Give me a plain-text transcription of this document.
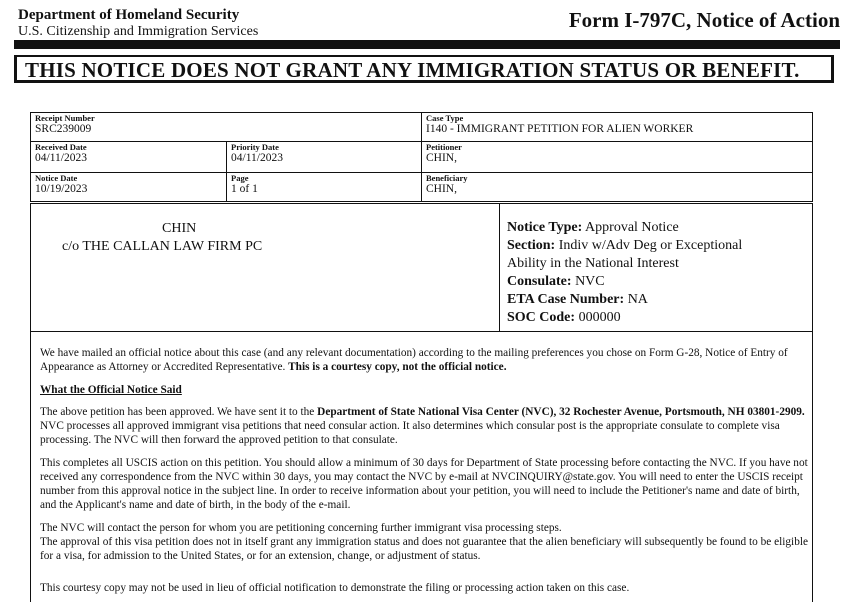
Department of Homeland Security
U.S. Citizenship and Immigration Services	Form I-797C, Notice of Action
THIS NOTICE DOES NOT GRANT ANY IMMIGRATION STATUS OR BENEFIT.
Receipt Number
SRC239009
Case Type
I140 - IMMIGRANT PETITION FOR ALIEN WORKER
Received Date
04/11/2023
Priority Date
04/11/2023
Petitioner
CHIN,
Notice Date
10/19/2023
Page
1 of 1
Beneficiary
CHIN,
CHIN
c/o THE CALLAN LAW FIRM PC
Notice Type: Approval Notice
Section: Indiv w/Adv Deg or Exceptional
Ability in the National Interest
Consulate: NVC
ETA Case Number: NA
SOC Code: 000000
We have mailed an official notice about this case (and any relevant documentation) according to the mailing preferences you chose on Form G-28, Notice of Entry of Appearance as Attorney or Accredited Representative. This is a courtesy copy, not the official notice.
What the Official Notice Said
The above petition has been approved. We have sent it to the Department of State National Visa Center (NVC), 32 Rochester Avenue, Portsmouth, NH 03801-2909. NVC processes all approved immigrant visa petitions that need consular action. It also determines which consular post is the appropriate consulate to complete visa processing. The NVC will then forward the approved petition to that consulate.
This completes all USCIS action on this petition. You should allow a minimum of 30 days for Department of State processing before contacting the NVC. If you have not received any correspondence from the NVC within 30 days, you may contact the NVC by e-mail at NVCINQUIRY@state.gov. You will need to enter the USCIS receipt number from this approval notice in the subject line. In order to receive information about your petition, you will need to include the Petitioner's name and date of birth, and the Applicant's name and date of birth, in the body of the e-mail.
The NVC will contact the person for whom you are petitioning concerning further immigrant visa processing steps.
The approval of this visa petition does not in itself grant any immigration status and does not guarantee that the alien beneficiary will subsequently be found to be eligible for a visa, for admission to the United States, or for an extension, change, or adjustment of status.
This courtesy copy may not be used in lieu of official notification to demonstrate the filing or processing action taken on this case.
